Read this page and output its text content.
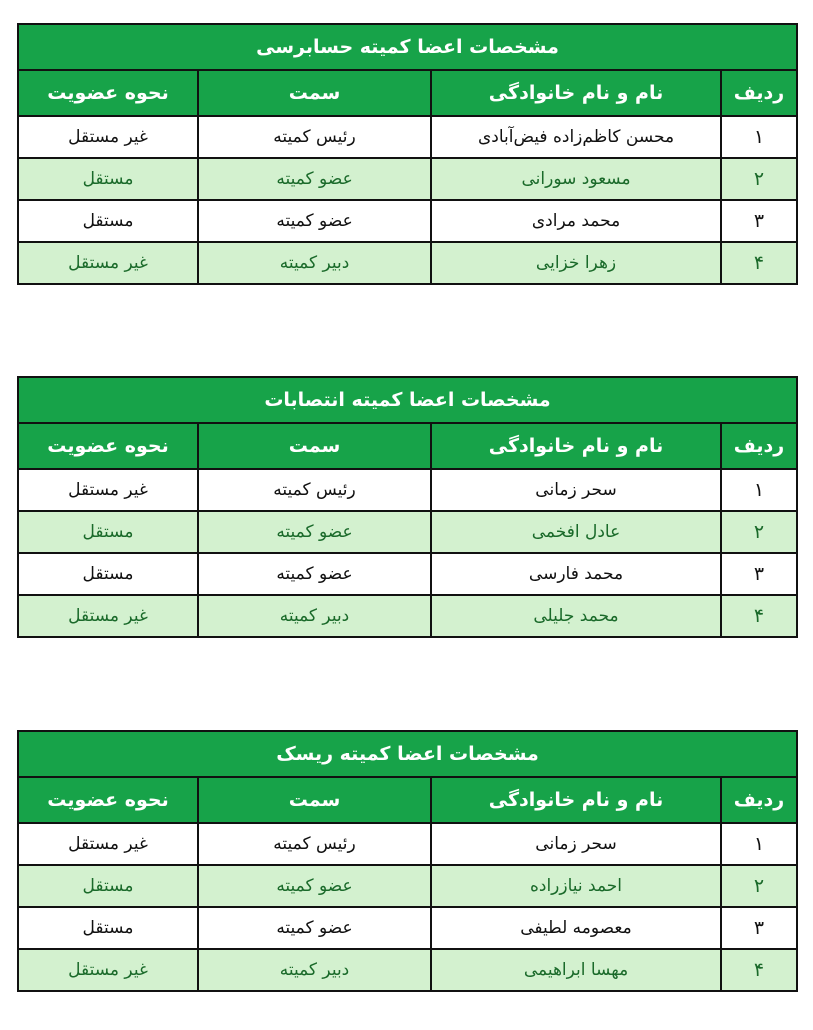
مشخصات اعضا کمیته حسابرسی			
ردیف	نام و نام خانوادگی	سمت	نحوه عضویت
۱	محسن کاظم‌زاده فیض‌آبادی	رئیس کمیته	غیر مستقل
۲	مسعود سورانی	عضو کمیته	مستقل
۳	محمد مرادی	عضو کمیته	مستقل
۴	زهرا خزایی	دبیر کمیته	غیر مستقل
مشخصات اعضا کمیته انتصابات			
ردیف	نام و نام خانوادگی	سمت	نحوه عضویت
۱	سحر زمانی	رئیس کمیته	غیر مستقل
۲	عادل افخمی	عضو کمیته	مستقل
۳	محمد فارسی	عضو کمیته	مستقل
۴	محمد جلیلی	دبیر کمیته	غیر مستقل
مشخصات اعضا کمیته ریسک			
ردیف	نام و نام خانوادگی	سمت	نحوه عضویت
۱	سحر زمانی	رئیس کمیته	غیر مستقل
۲	احمد نیازراده	عضو کمیته	مستقل
۳	معصومه لطیفی	عضو کمیته	مستقل
۴	مهسا ابراهیمی	دبیر کمیته	غیر مستقل
